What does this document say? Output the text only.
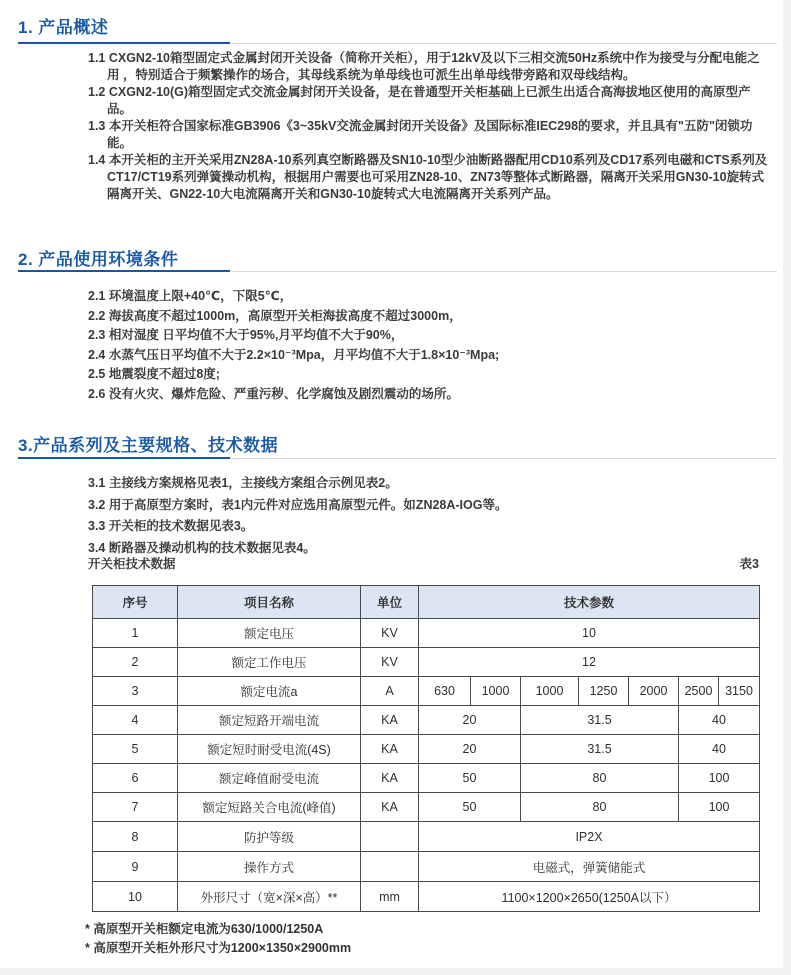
1. 产品概述
1.1 CXGN2-10箱型固定式金属封闭开关设备（简称开关柜），用于12kV及以下三相交流50Hz系统中作为接受与分配电能之用 ，特别适合于频繁操作的场合，其母线系统为单母线也可派生出单母线带旁路和双母线结构。
1.2 CXGN2-10(G)箱型固定式交流金属封闭开关设备，是在普通型开关柜基础上已派生出适合高海拔地区使用的高原型产品。
1.3 本开关柜符合国家标准GB3906《3~35kV交流金属封闭开关设备》及国际标准IEC298的要求，并且具有"五防"闭锁功能。
1.4 本开关柜的主开关采用ZN28A-10系列真空断路器及SN10-10型少油断路器配用CD10系列及CD17系列电磁和CTS系列及CT17/CT19系列弹簧操动机构，根据用户需要也可采用ZN28-10、ZN73等整体式断路器，隔离开关采用GN30-10旋转式隔离开关、GN22-10大电流隔离开关和GN30-10旋转式大电流隔离开关系列产品。
2. 产品使用环境条件
2.1 环境温度上限+40℃，下限5℃，
2.2 海拔高度不超过1000m，高原型开关柜海拔高度不超过3000m，
2.3 相对湿度 日平均值不大于95%,月平均值不大于90%，
2.4 水蒸气压日平均值不大于2.2×10⁻³Mpa，月平均值不大于1.8×10⁻³Mpa;
2.5 地震裂度不超过8度;
2.6 没有火灾、爆炸危险、严重污秽、化学腐蚀及剧烈震动的场所。
3.产品系列及主要规格、技术数据
3.1 主接线方案规格见表1，主接线方案组合示例见表2。
3.2 用于高原型方案时，表1内元件对应选用高原型元件。如ZN28A-IOG等。
3.3 开关柜的技术数据见表3。
3.4 断路器及操动机构的技术数据见表4。
开关柜技术数据	表3
序号	项目名称	单位	技术参数						
1	额定电压	KV	10						
2	额定工作电压	KV	12						
3	额定电流a	A	630	1000	1000	1250	2000	2500	3150
4	额定短路开端电流	KA	20		31.5			40	
5	额定短时耐受电流(4S)	KA	20		31.5			40	
6	额定峰值耐受电流	KA	50		80			100	
7	额定短路关合电流(峰值)	KA	50		80			100	
8	防护等级		IP2X						
9	操作方式		电磁式，弹簧储能式						
10	外形尺寸（宽×深×高）**	mm	1100×1200×2650(1250A以下）						
* 高原型开关柜额定电流为630/1000/1250A
* 高原型开关柜外形尺寸为1200×1350×2900mm
